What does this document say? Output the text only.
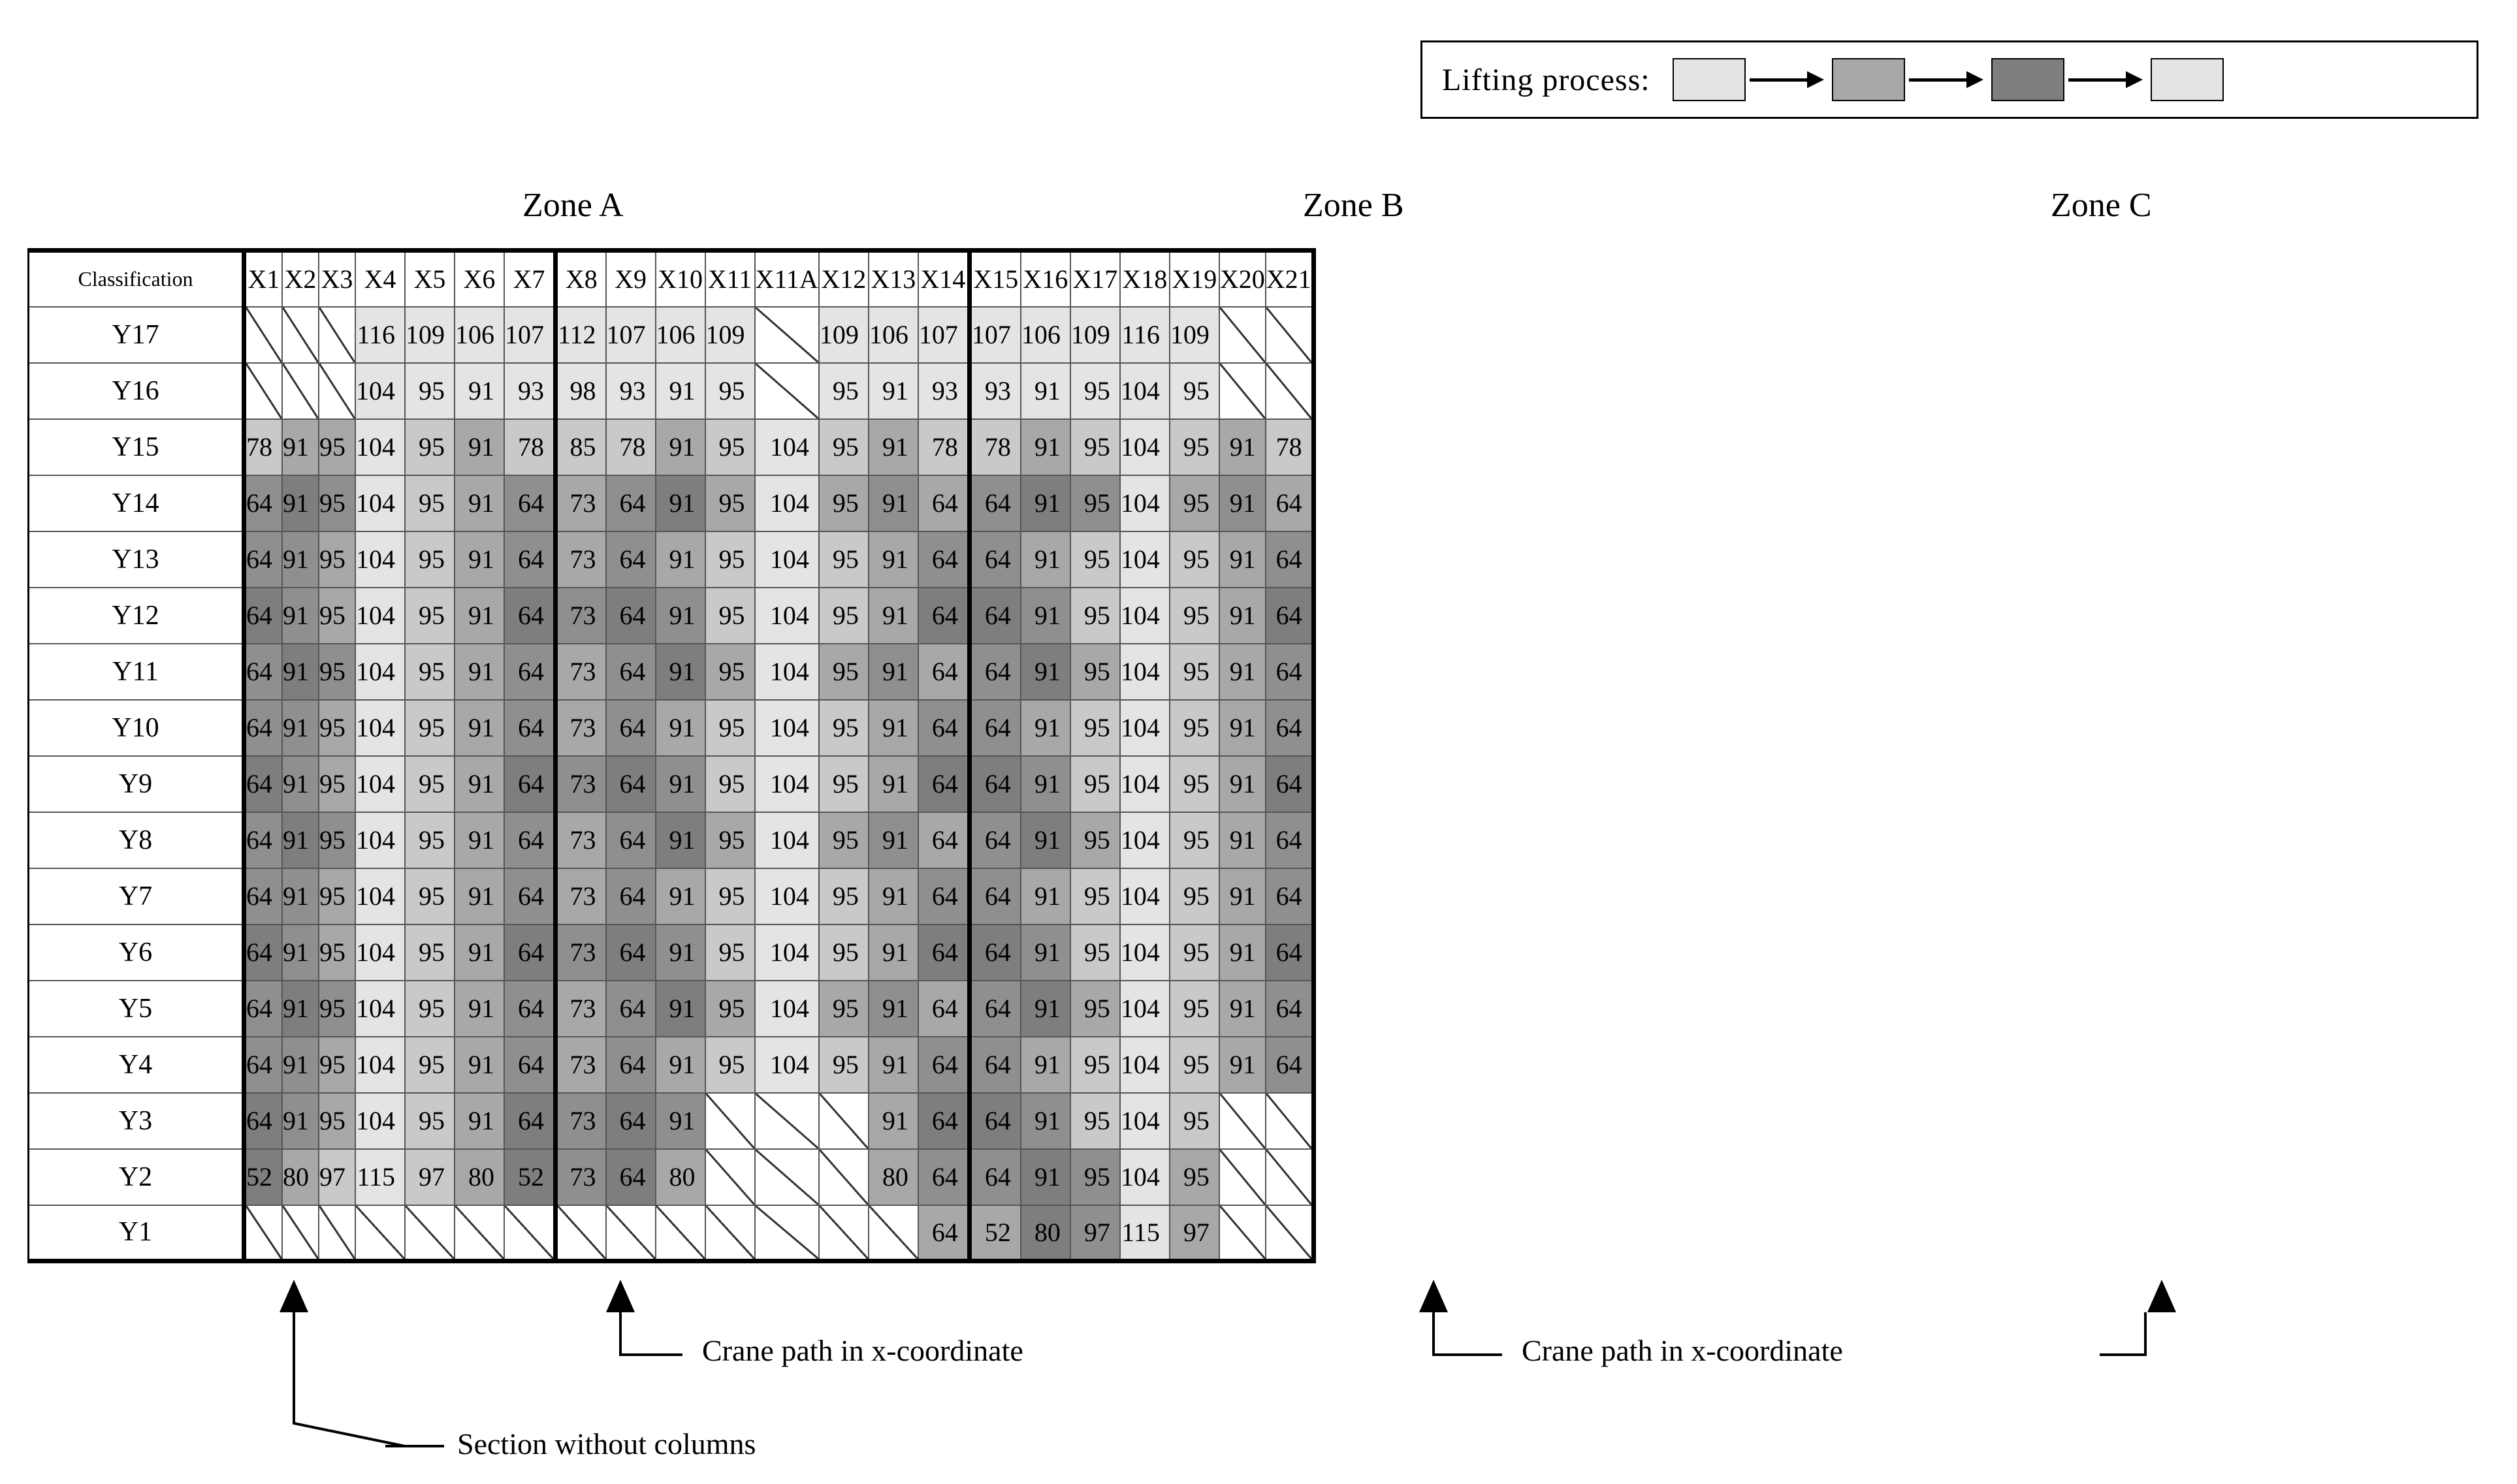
Lifting process:
Zone A	Zone B	Zone C
Classification	X1	X2	X3	X4	X5	X6	X7	X8	X9	X10	X11	X11A	X12	X13	X14	X15	X16	X17	X18	X19	X20	X21
Y17				116	109	106	107	112	107	106	109		109	106	107	107	106	109	116	109		
Y16				104	95	91	93	98	93	91	95		95	91	93	93	91	95	104	95		
Y15	78	91	95	104	95	91	78	85	78	91	95	104	95	91	78	78	91	95	104	95	91	78
Y14	64	91	95	104	95	91	64	73	64	91	95	104	95	91	64	64	91	95	104	95	91	64
Y13	64	91	95	104	95	91	64	73	64	91	95	104	95	91	64	64	91	95	104	95	91	64
Y12	64	91	95	104	95	91	64	73	64	91	95	104	95	91	64	64	91	95	104	95	91	64
Y11	64	91	95	104	95	91	64	73	64	91	95	104	95	91	64	64	91	95	104	95	91	64
Y10	64	91	95	104	95	91	64	73	64	91	95	104	95	91	64	64	91	95	104	95	91	64
Y9	64	91	95	104	95	91	64	73	64	91	95	104	95	91	64	64	91	95	104	95	91	64
Y8	64	91	95	104	95	91	64	73	64	91	95	104	95	91	64	64	91	95	104	95	91	64
Y7	64	91	95	104	95	91	64	73	64	91	95	104	95	91	64	64	91	95	104	95	91	64
Y6	64	91	95	104	95	91	64	73	64	91	95	104	95	91	64	64	91	95	104	95	91	64
Y5	64	91	95	104	95	91	64	73	64	91	95	104	95	91	64	64	91	95	104	95	91	64
Y4	64	91	95	104	95	91	64	73	64	91	95	104	95	91	64	64	91	95	104	95	91	64
Y3	64	91	95	104	95	91	64	73	64	91				91	64	64	91	95	104	95		
Y2	52	80	97	115	97	80	52	73	64	80				80	64	64	91	95	104	95		
Y1															64	52	80	97	115	97		
Crane path in x-coordinate	Crane path in x-coordinate
Section without columns
